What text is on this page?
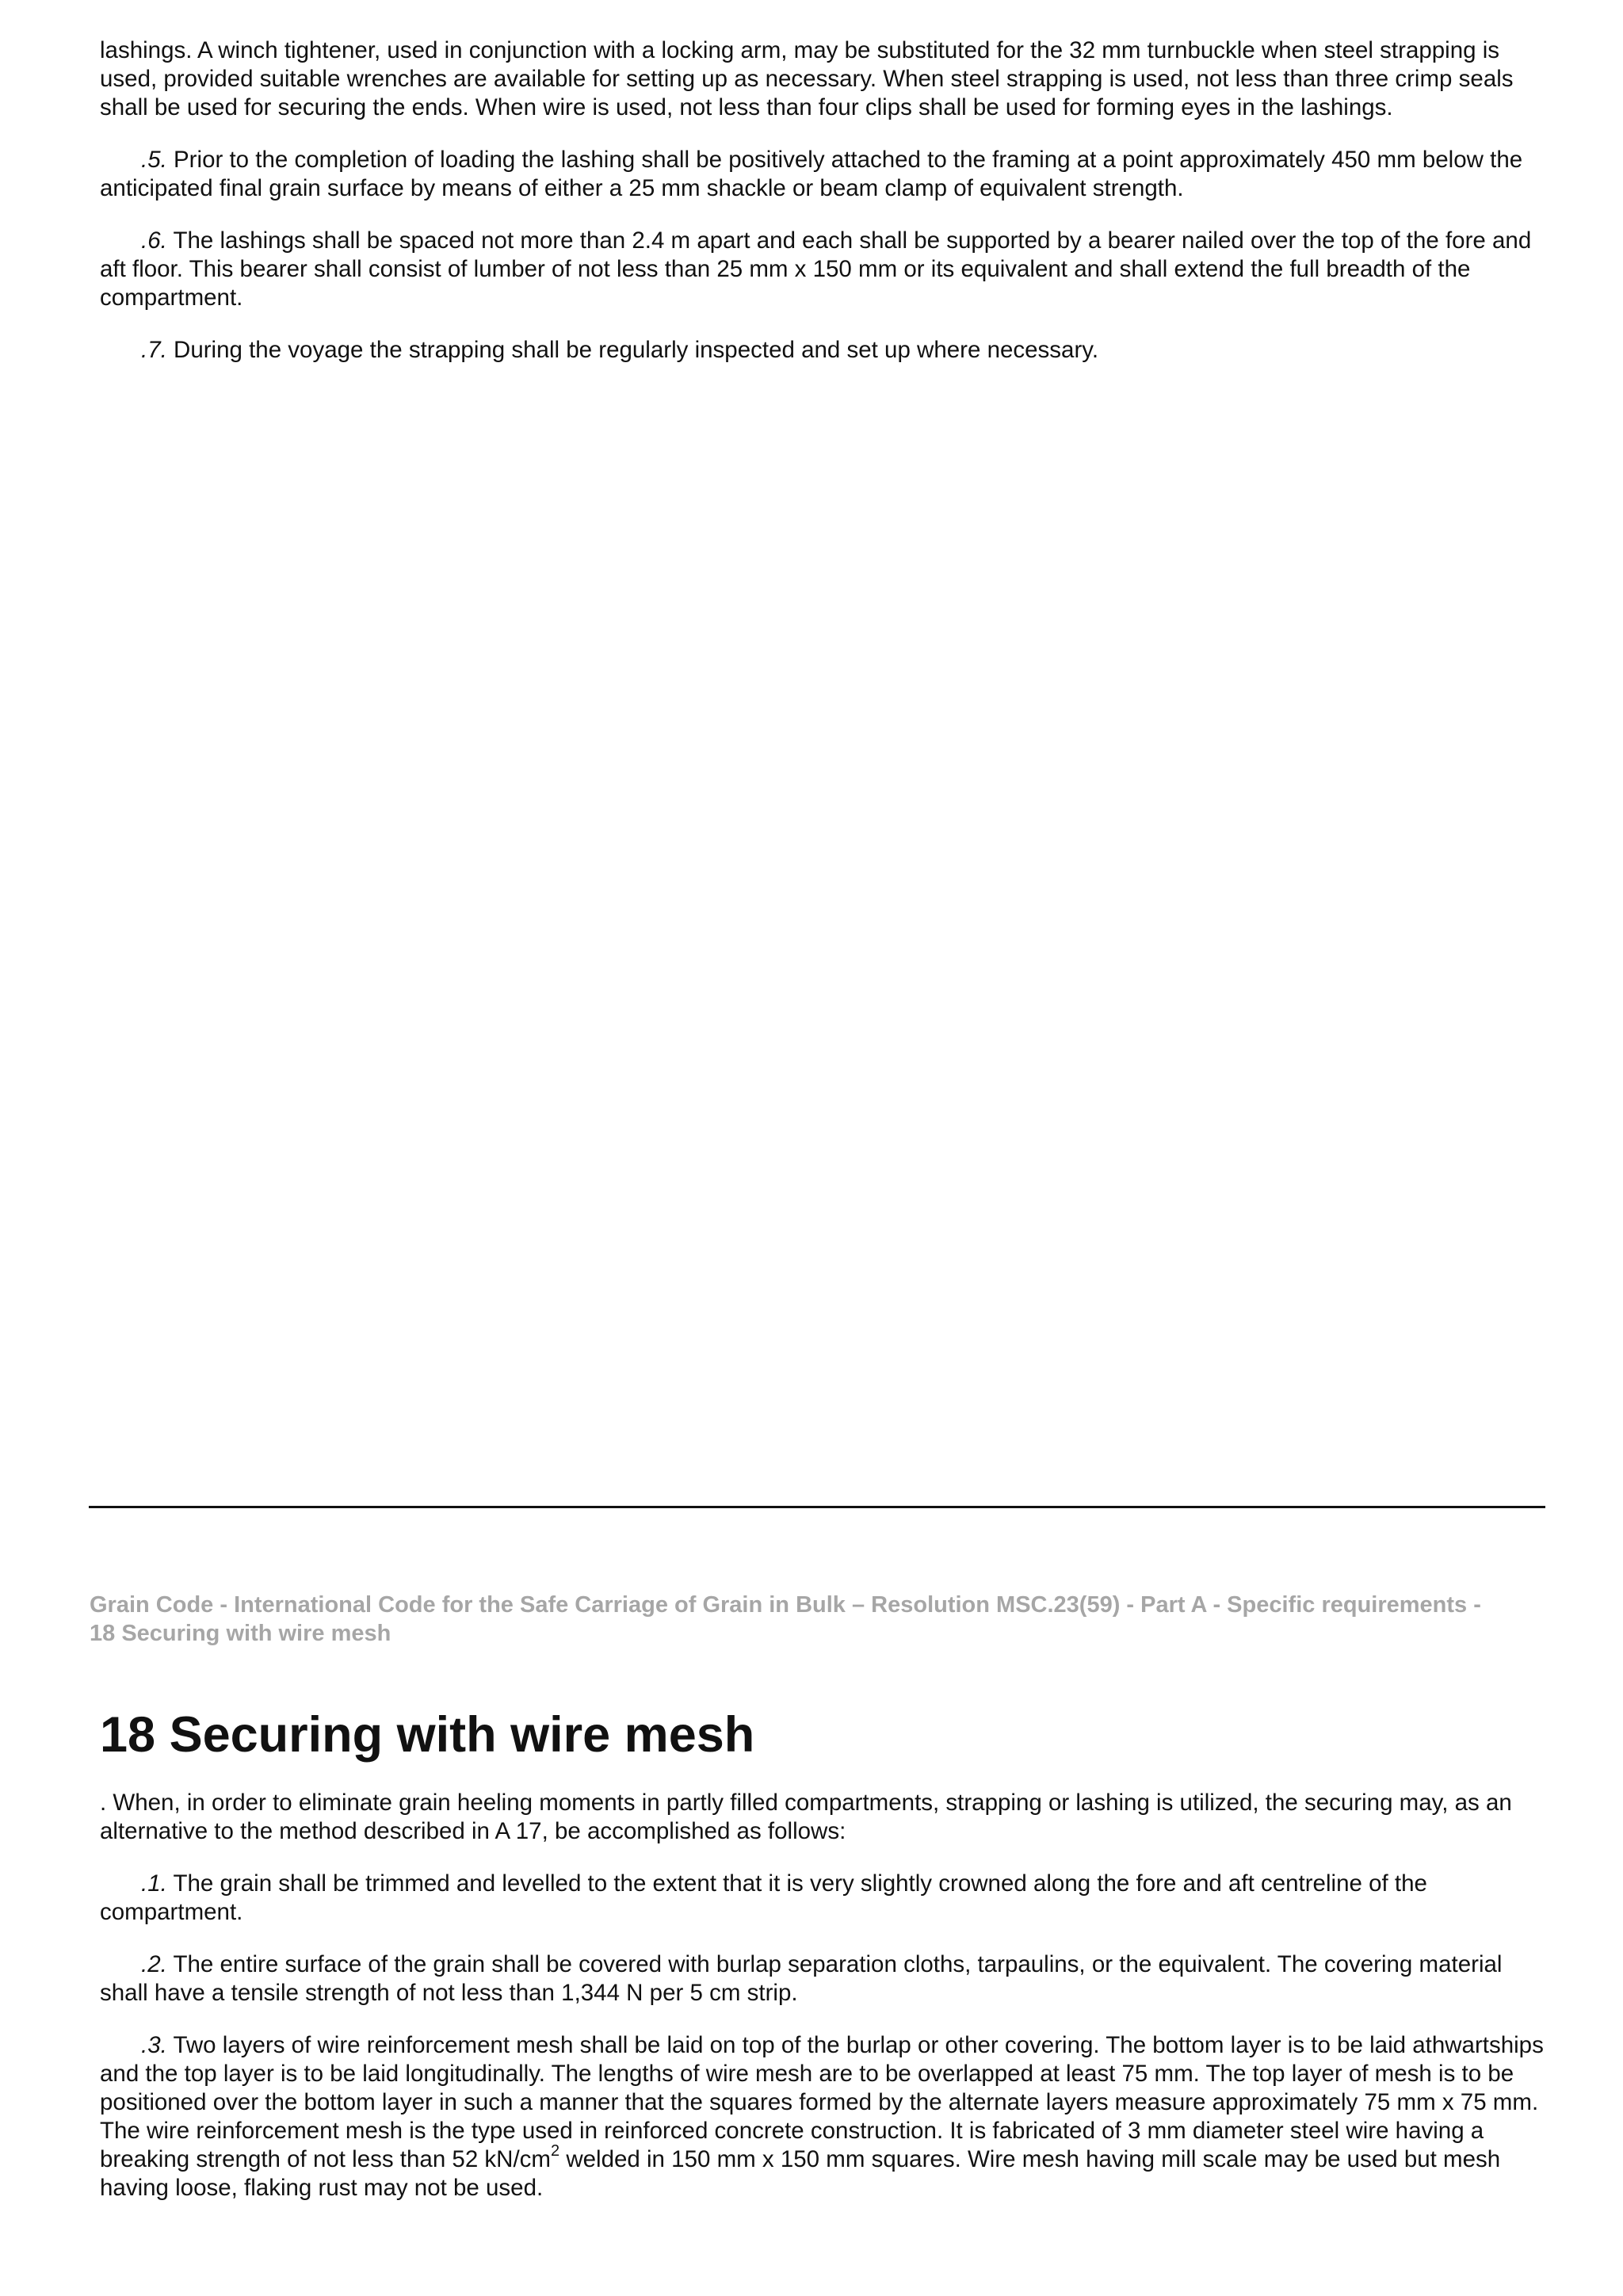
lashings. A winch tightener, used in conjunction with a locking arm, may be substituted for the 32 mm turnbuckle when steel strapping is used, provided suitable wrenches are available for setting up as necessary. When steel strapping is used, not less than three crimp seals shall be used for securing the ends. When wire is used, not less than four clips shall be used for forming eyes in the lashings.

.5. Prior to the completion of loading the lashing shall be positively attached to the framing at a point approximately 450 mm below the anticipated final grain surface by means of either a 25 mm shackle or beam clamp of equivalent strength.

.6. The lashings shall be spaced not more than 2.4 m apart and each shall be supported by a bearer nailed over the top of the fore and aft floor. This bearer shall consist of lumber of not less than 25 mm x 150 mm or its equivalent and shall extend the full breadth of the compartment.

.7. During the voyage the strapping shall be regularly inspected and set up where necessary.

Grain Code - International Code for the Safe Carriage of Grain in Bulk – Resolution MSC.23(59) - Part A - Specific requirements - 18 Securing with wire mesh

18 Securing with wire mesh

. When, in order to eliminate grain heeling moments in partly filled compartments, strapping or lashing is utilized, the securing may, as an alternative to the method described in A 17, be accomplished as follows:

.1. The grain shall be trimmed and levelled to the extent that it is very slightly crowned along the fore and aft centreline of the compartment.

.2. The entire surface of the grain shall be covered with burlap separation cloths, tarpaulins, or the equivalent. The covering material shall have a tensile strength of not less than 1,344 N per 5 cm strip.

.3. Two layers of wire reinforcement mesh shall be laid on top of the burlap or other covering. The bottom layer is to be laid athwartships and the top layer is to be laid longitudinally. The lengths of wire mesh are to be overlapped at least 75 mm. The top layer of mesh is to be positioned over the bottom layer in such a manner that the squares formed by the alternate layers measure approximately 75 mm x 75 mm. The wire reinforcement mesh is the type used in reinforced concrete construction. It is fabricated of 3 mm diameter steel wire having a breaking strength of not less than 52 $kN/cm^2$ welded in 150 mm x 150 mm squares. Wire mesh having mill scale may be used but mesh having loose, flaking rust may not be used.
